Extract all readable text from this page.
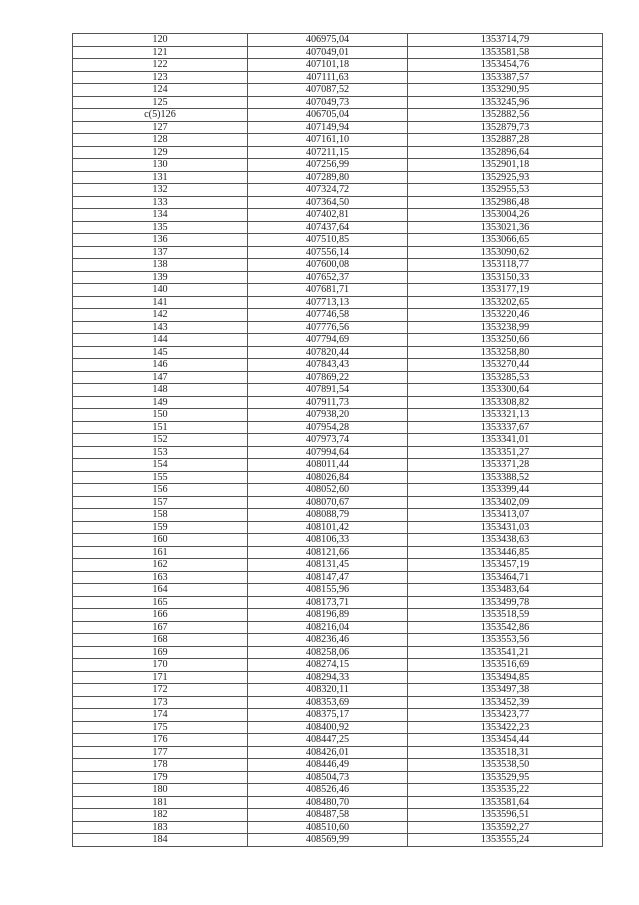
120	406975,04	1353714,79
121	407049,01	1353581,58
122	407101,18	1353454,76
123	407111,63	1353387,57
124	407087,52	1353290,95
125	407049,73	1353245,96
c(5)126	406705,04	1352882,56
127	407149,94	1352879,73
128	407161,10	1352887,28
129	407211,15	1352896,64
130	407256,99	1352901,18
131	407289,80	1352925,93
132	407324,72	1352955,53
133	407364,50	1352986,48
134	407402,81	1353004,26
135	407437,64	1353021,36
136	407510,85	1353066,65
137	407556,14	1353090,62
138	407600,08	1353118,77
139	407652,37	1353150,33
140	407681,71	1353177,19
141	407713,13	1353202,65
142	407746,58	1353220,46
143	407776,56	1353238,99
144	407794,69	1353250,66
145	407820,44	1353258,80
146	407843,43	1353270,44
147	407869,22	1353285,53
148	407891,54	1353300,64
149	407911,73	1353308,82
150	407938,20	1353321,13
151	407954,28	1353337,67
152	407973,74	1353341,01
153	407994,64	1353351,27
154	408011,44	1353371,28
155	408026,84	1353388,52
156	408052,60	1353399,44
157	408070,67	1353402,09
158	408088,79	1353413,07
159	408101,42	1353431,03
160	408106,33	1353438,63
161	408121,66	1353446,85
162	408131,45	1353457,19
163	408147,47	1353464,71
164	408155,96	1353483,64
165	408173,71	1353499,78
166	408196,89	1353518,59
167	408216,04	1353542,86
168	408236,46	1353553,56
169	408258,06	1353541,21
170	408274,15	1353516,69
171	408294,33	1353494,85
172	408320,11	1353497,38
173	408353,69	1353452,39
174	408375,17	1353423,77
175	408400,92	1353422,23
176	408447,25	1353454,44
177	408426,01	1353518,31
178	408446,49	1353538,50
179	408504,73	1353529,95
180	408526,46	1353535,22
181	408480,70	1353581,64
182	408487,58	1353596,51
183	408510,60	1353592,27
184	408569,99	1353555,24
